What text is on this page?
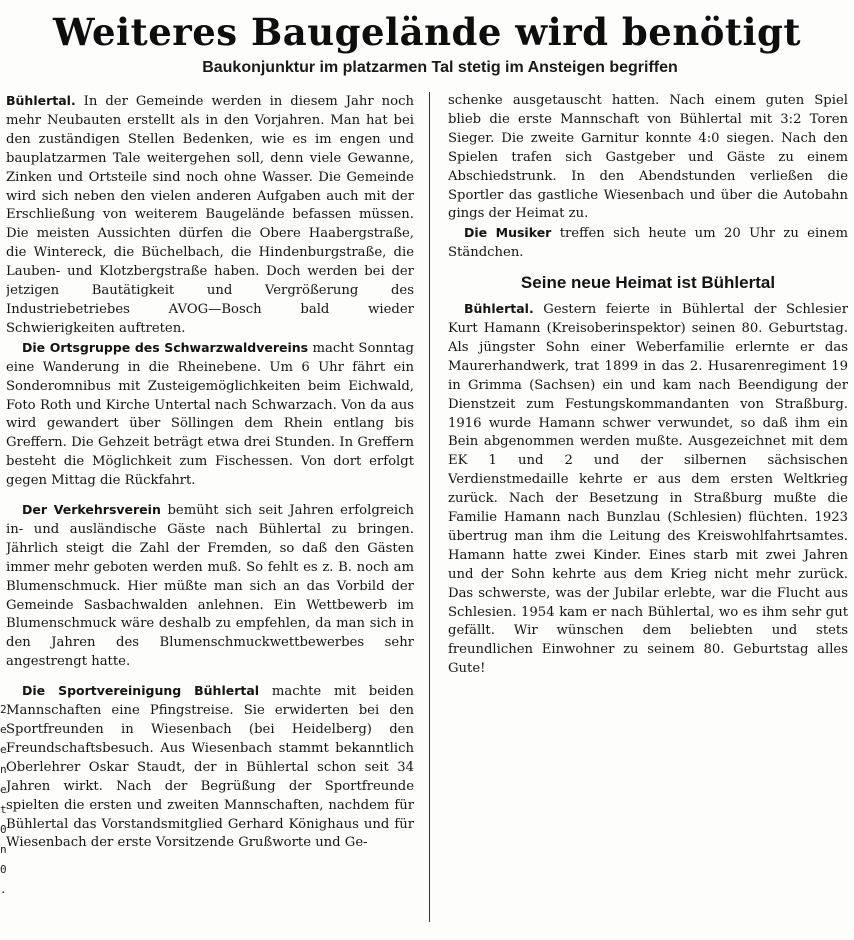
Weiteres Baugelände wird benötigt
Baukonjunktur im platzarmen Tal stetig im Ansteigen begriffen
2
e
e
n
e
t
0
n
0
.

Bühlertal. In der Gemeinde werden in diesem Jahr noch mehr Neubauten erstellt als in den Vorjahren. Man hat bei den zuständigen Stellen Bedenken, wie es im engen und bauplatzarmen Tale weitergehen soll, denn viele Gewanne, Zinken und Ortsteile sind noch ohne Wasser. Die Gemeinde wird sich neben den vielen anderen Aufgaben auch mit der Erschließung von weiterem Baugelände befassen müssen. Die meisten Aussichten dürfen die Obere Haabergstraße, die Wintereck, die Büchelbach, die Hindenburgstraße, die Lauben- und Klotzbergstraße haben. Doch werden bei der jetzigen Bautätigkeit und Vergrößerung des Industriebetriebes AVOG—Bosch bald wieder Schwierigkeiten auftreten.

Die Ortsgruppe des Schwarzwaldvereins macht Sonntag eine Wanderung in die Rheinebene. Um 6 Uhr fährt ein Sonderomnibus mit Zusteigemöglichkeiten beim Eichwald, Foto Roth und Kirche Untertal nach Schwarzach. Von da aus wird gewandert über Söllingen dem Rhein entlang bis Greffern. Die Gehzeit beträgt etwa drei Stunden. In Greffern besteht die Möglichkeit zum Fischessen. Von dort erfolgt gegen Mittag die Rückfahrt.

Der Verkehrsverein bemüht sich seit Jahren erfolgreich in- und ausländische Gäste nach Bühlertal zu bringen. Jährlich steigt die Zahl der Fremden, so daß den Gästen immer mehr geboten werden muß. So fehlt es z. B. noch am Blumenschmuck. Hier müßte man sich an das Vorbild der Gemeinde Sasbachwalden anlehnen. Ein Wettbewerb im Blumenschmuck wäre deshalb zu empfehlen, da man sich in den Jahren des Blumenschmuckwettbewerbes sehr angestrengt hatte.

Die Sportvereinigung Bühlertal machte mit beiden Mannschaften eine Pfingstreise. Sie erwiderten bei den Sportfreunden in Wiesenbach (bei Heidelberg) den Freundschaftsbesuch. Aus Wiesenbach stammt bekanntlich Oberlehrer Oskar Staudt, der in Bühlertal schon seit 34 Jahren wirkt. Nach der Begrüßung der Sportfreunde spielten die ersten und zweiten Mannschaften, nachdem für Bühlertal das Vorstandsmitglied Gerhard Könighaus und für Wiesenbach der erste Vorsitzende Grußworte und Ge-

schenke ausgetauscht hatten. Nach einem guten Spiel blieb die erste Mannschaft von Bühlertal mit 3:2 Toren Sieger. Die zweite Garnitur konnte 4:0 siegen. Nach den Spielen trafen sich Gastgeber und Gäste zu einem Abschiedstrunk. In den Abendstunden verließen die Sportler das gastliche Wiesenbach und über die Autobahn gings der Heimat zu.

Die Musiker treffen sich heute um 20 Uhr zu einem Ständchen.

Seine neue Heimat ist Bühlertal

Bühlertal. Gestern feierte in Bühlertal der Schlesier Kurt Hamann (Kreisoberinspektor) seinen 80. Geburtstag. Als jüngster Sohn einer Weberfamilie erlernte er das Maurerhandwerk, trat 1899 in das 2. Husarenregiment 19 in Grimma (Sachsen) ein und kam nach Beendigung der Dienstzeit zum Festungskommandanten von Straßburg. 1916 wurde Hamann schwer verwundet, so daß ihm ein Bein abgenommen werden mußte. Ausgezeichnet mit dem EK 1 und 2 und der silbernen sächsischen Verdienstmedaille kehrte er aus dem ersten Weltkrieg zurück. Nach der Besetzung in Straßburg mußte die Familie Hamann nach Bunzlau (Schlesien) flüchten. 1923 übertrug man ihm die Leitung des Kreiswohlfahrtsamtes. Hamann hatte zwei Kinder. Eines starb mit zwei Jahren und der Sohn kehrte aus dem Krieg nicht mehr zurück. Das schwerste, was der Jubilar erlebte, war die Flucht aus Schlesien. 1954 kam er nach Bühlertal, wo es ihm sehr gut gefällt. Wir wünschen dem beliebten und stets freundlichen Einwohner zu seinem 80. Geburtstag alles Gute!
